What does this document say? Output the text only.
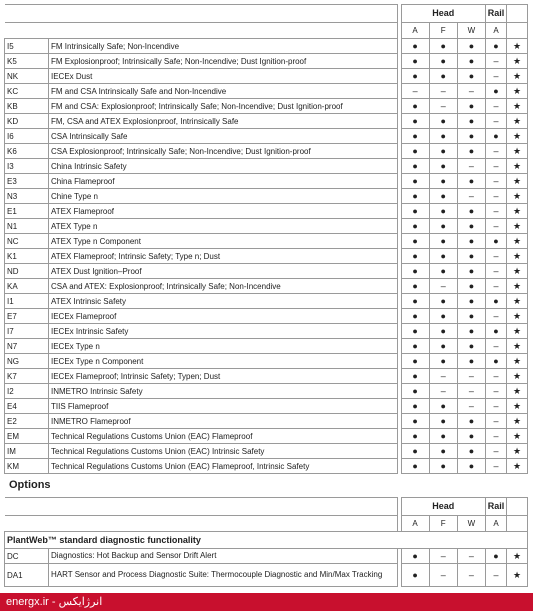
			Head			Rail	
			A	F	W	A	
I5	FM Intrinsically Safe; Non-Incendive		●	●	●	●	★
K5	FM Explosionproof; Intrinsically Safe; Non-Incendive; Dust Ignition-proof		●	●	●	–	★
NK	IECEx Dust		●	●	●	–	★
KC	FM and CSA Intrinsically Safe and Non-Incendive		–	–	–	●	★
KB	FM and CSA: Explosionproof; Intrinsically Safe; Non-Incendive; Dust Ignition-proof		●	–	●	–	★
KD	FM, CSA and ATEX Explosionproof, Intrinsically Safe		●	●	●	–	★
I6	CSA Intrinsically Safe		●	●	●	●	★
K6	CSA Explosionproof; Intrinsically Safe; Non-Incendive; Dust Ignition-proof		●	●	●	–	★
I3	China Intrinsic Safety		●	●	–	–	★
E3	China Flameproof		●	●	●	–	★
N3	Chine Type n		●	●	–	–	★
E1	ATEX Flameproof		●	●	●	–	★
N1	ATEX Type n		●	●	●	–	★
NC	ATEX Type n Component		●	●	●	●	★
K1	ATEX Flameproof; Intrinsic Safety; Type n; Dust		●	●	●	–	★
ND	ATEX Dust Ignition–Proof		●	●	●	–	★
KA	CSA and ATEX: Explosionproof; Intrinsically Safe; Non-Incendive		●	–	●	–	★
I1	ATEX Intrinsic Safety		●	●	●	●	★
E7	IECEx Flameproof		●	●	●	–	★
I7	IECEx Intrinsic Safety		●	●	●	●	★
N7	IECEx Type n		●	●	●	–	★
NG	IECEx Type n Component		●	●	●	●	★
K7	IECEx Flameproof; Intrinsic Safety; Typen; Dust		●	–	–	–	★
I2	INMETRO Intrinsic Safety		●	–	–	–	★
E4	TIIS Flameproof		●	●	–	–	★
E2	INMETRO Flameproof		●	●	●	–	★
EM	Technical Regulations Customs Union (EAC) Flameproof		●	●	●	–	★
IM	Technical Regulations Customs Union (EAC) Intrinsic Safety		●	●	●	–	★
KM	Technical Regulations Customs Union (EAC) Flameproof, Intrinsic Safety		●	●	●	–	★
Options
			Head			Rail	
			A	F	W	A	
PlantWeb™ standard diagnostic functionality							
DC	Diagnostics: Hot Backup and Sensor Drift Alert		●	–	–	●	★
DA1	HART Sensor and Process Diagnostic Suite: Thermocouple Diagnostic and Min/Max Tracking		●	–	–	–	★
energx.ir - انرژایکس
